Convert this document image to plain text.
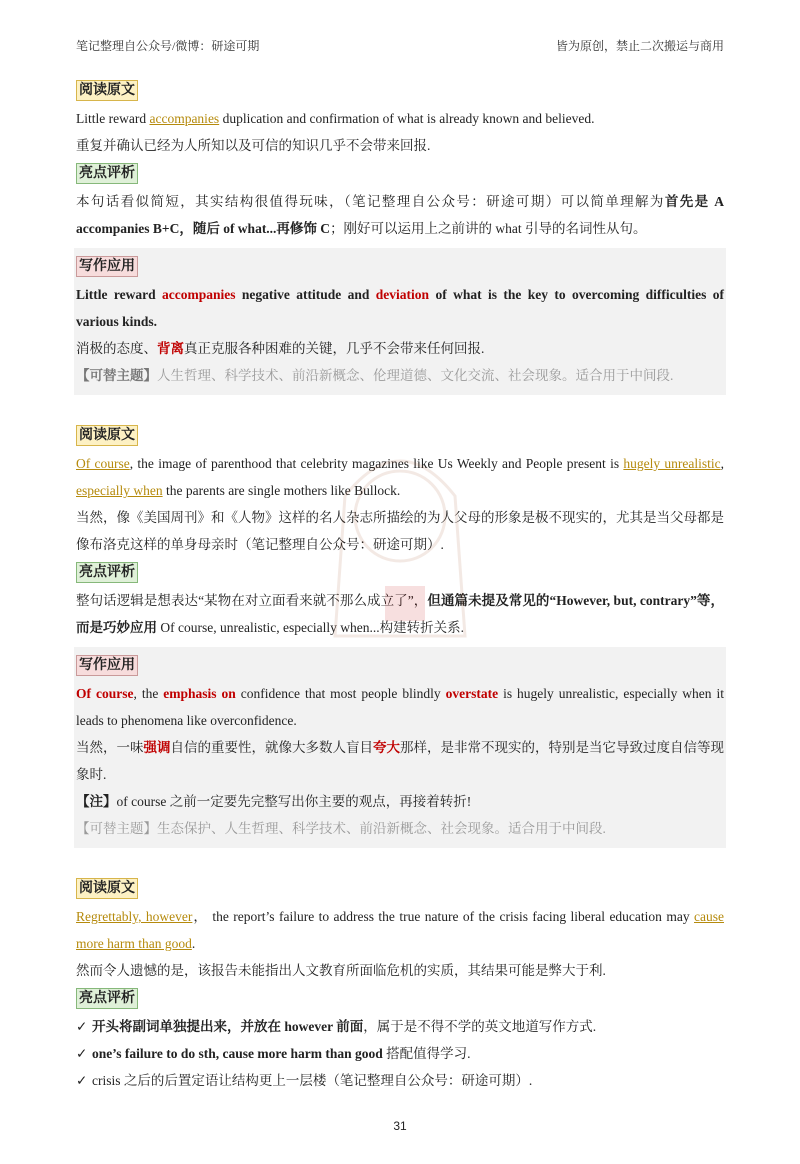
笔记整理自公众号/微博：研途可期	皆为原创，禁止二次搬运与商用
阅读原文

Little reward accompanies duplication and confirmation of what is already known and believed.

重复并确认已经为人所知以及可信的知识几乎不会带来回报.

亮点评析

本句话看似简短，其实结构很值得玩味，（笔记整理自公众号：研途可期）可以简单理解为首先是 A accompanies B+C，随后 of what...再修饰 C；刚好可以运用上之前讲的 what 引导的名词性从句。

写作应用

Little reward accompanies negative attitude and deviation of what is the key to overcoming difficulties of various kinds.

消极的态度、背离真正克服各种困难的关键，几乎不会带来任何回报.

【可替主题】人生哲理、科学技术、前沿新概念、伦理道德、文化交流、社会现象。适合用于中间段.

阅读原文

Of course, the image of parenthood that celebrity magazines like Us Weekly and People present is hugely unrealistic, especially when the parents are single mothers like Bullock.

当然，像《美国周刊》和《人物》这样的名人杂志所描绘的为人父母的形象是极不现实的，尤其是当父母都是像布洛克这样的单身母亲时（笔记整理自公众号：研途可期）.

亮点评析

整句话逻辑是想表达“某物在对立面看来就不那么成立了”，但通篇未提及常见的“However, but, contrary”等，而是巧妙应用 Of course, unrealistic, especially when...构建转折关系.

写作应用

Of course, the emphasis on confidence that most people blindly overstate is hugely unrealistic, especially when it leads to phenomena like overconfidence.

当然，一味强调自信的重要性，就像大多数人盲目夸大那样，是非常不现实的，特别是当它导致过度自信等现象时.

【注】of course 之前一定要先完整写出你主要的观点，再接着转折!

【可替主题】生态保护、人生哲理、科学技术、前沿新概念、社会现象。适合用于中间段.

阅读原文

Regrettably, however， the report’s failure to address the true nature of the crisis facing liberal education may cause more harm than good.

然而令人遗憾的是，该报告未能指出人文教育所面临危机的实质，其结果可能是弊大于利.

亮点评析

✓ 开头将副词单独提出来，并放在 however 前面，属于是不得不学的英文地道写作方式.

✓ one’s failure to do sth, cause more harm than good 搭配值得学习.

✓ crisis 之后的后置定语让结构更上一层楼（笔记整理自公众号：研途可期）.

31
